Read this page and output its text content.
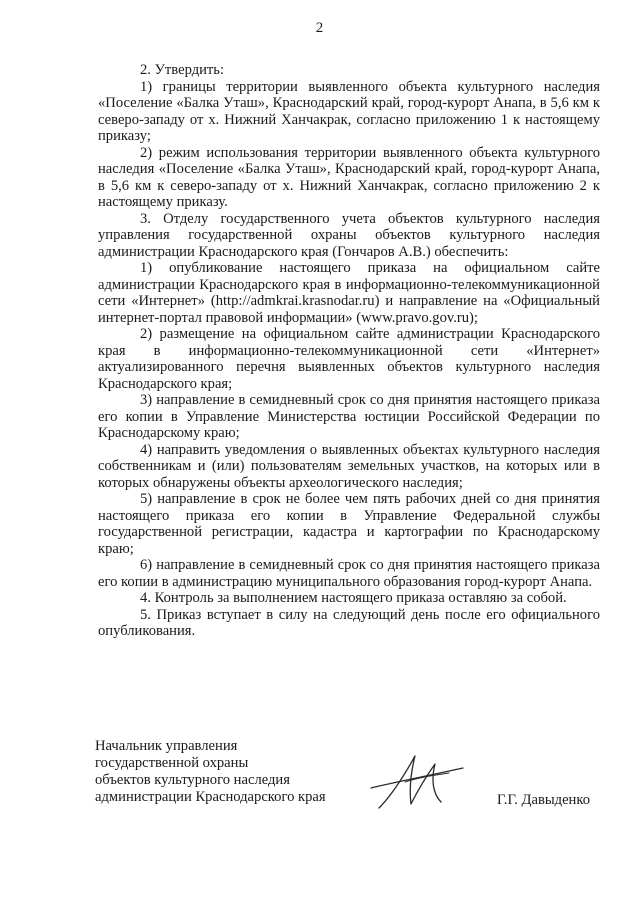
2

2. Утвердить:

1) границы территории выявленного объекта культурного наследия «Поселение «Балка Уташ», Краснодарский край, город-курорт Анапа, в 5,6 км к северо-западу от х. Нижний Ханчакрак, согласно приложению 1 к настоящему приказу;

2) режим использования территории выявленного объекта культурного наследия «Поселение «Балка Уташ», Краснодарский край, город-курорт Анапа, в 5,6 км к северо-западу от х. Нижний Ханчакрак, согласно приложению 2 к настоящему приказу.

3. Отделу государственного учета объектов культурного наследия управления государственной охраны объектов культурного наследия администрации Краснодарского края (Гончаров А.В.) обеспечить:

1) опубликование настоящего приказа на официальном сайте администрации Краснодарского края в информационно-телекоммуникационной сети «Интернет» (http://admkrai.krasnodar.ru) и направление на «Официальный интернет-портал правовой информации» (www.pravo.gov.ru);

2) размещение на официальном сайте администрации Краснодарского края в информационно-телекоммуникационной сети «Интернет» актуализированного перечня выявленных объектов культурного наследия Краснодарского края;

3) направление в семидневный срок со дня принятия настоящего приказа его копии в Управление Министерства юстиции Российской Федерации по Краснодарскому краю;

4) направить уведомления о выявленных объектах культурного наследия собственникам и (или) пользователям земельных участков, на которых или в которых обнаружены объекты археологического наследия;

5) направление в срок не более чем пять рабочих дней со дня принятия настоящего приказа его копии в Управление Федеральной службы государственной регистрации, кадастра и картографии по Краснодарскому краю;

6) направление в семидневный срок со дня принятия настоящего приказа его копии в администрацию муниципального образования город-курорт Анапа.

4. Контроль за выполнением настоящего приказа оставляю за собой.

5. Приказ вступает в силу на следующий день после его официального опубликования.

Начальник управления
государственной охраны
объектов культурного наследия
администрации Краснодарского края	Г.Г. Давыденко
